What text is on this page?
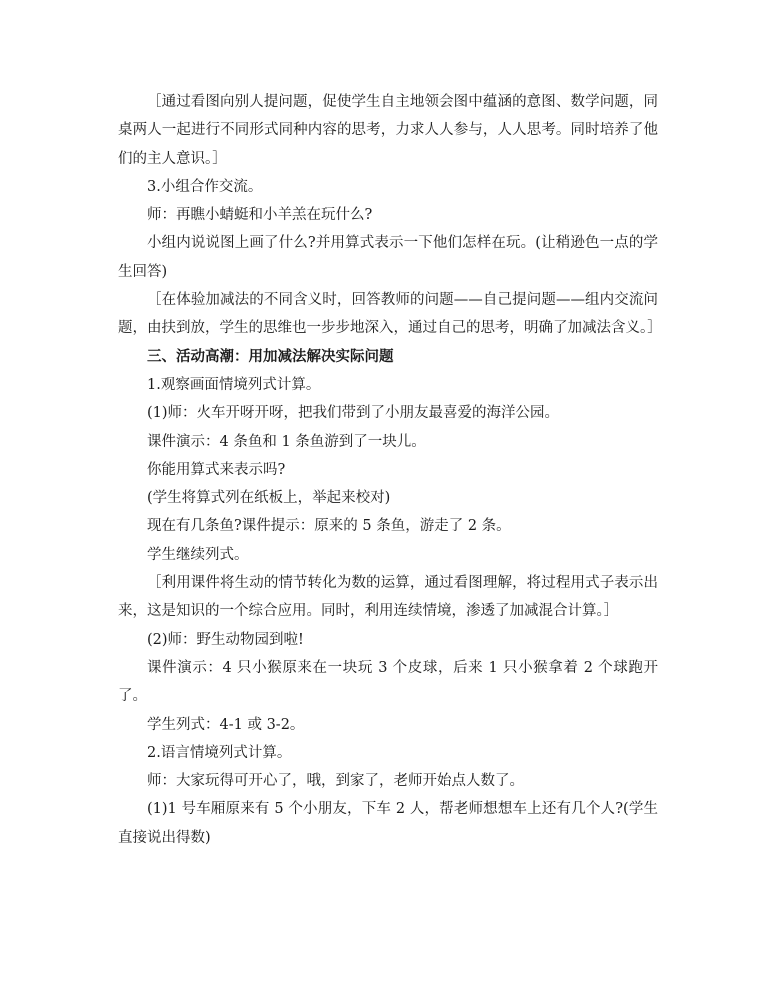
［通过看图向别人提问题，促使学生自主地领会图中蕴涵的意图、数学问题，同桌两人一起进行不同形式同种内容的思考，力求人人参与，人人思考。同时培养了他们的主人意识。］

3.小组合作交流。

师：再瞧小蜻蜓和小羊羔在玩什么?

小组内说说图上画了什么?并用算式表示一下他们怎样在玩。(让稍逊色一点的学生回答)

［在体验加减法的不同含义时，回答教师的问题——自己提问题——组内交流问题，由扶到放，学生的思维也一步步地深入，通过自己的思考，明确了加减法含义。］

三、活动高潮：用加减法解决实际问题

1.观察画面情境列式计算。

(1)师：火车开呀开呀，把我们带到了小朋友最喜爱的海洋公园。

课件演示：4 条鱼和 1 条鱼游到了一块儿。

你能用算式来表示吗?

(学生将算式列在纸板上，举起来校对)

现在有几条鱼?课件提示：原来的 5 条鱼，游走了 2 条。

学生继续列式。

［利用课件将生动的情节转化为数的运算，通过看图理解，将过程用式子表示出来，这是知识的一个综合应用。同时，利用连续情境，渗透了加减混合计算。］

(2)师：野生动物园到啦!

课件演示：4 只小猴原来在一块玩 3 个皮球，后来 1 只小猴拿着 2 个球跑开了。

学生列式：4-1 或 3-2。

2.语言情境列式计算。

师：大家玩得可开心了，哦，到家了，老师开始点人数了。

(1)1 号车厢原来有 5 个小朋友，下车 2 人，帮老师想想车上还有几个人?(学生直接说出得数)
